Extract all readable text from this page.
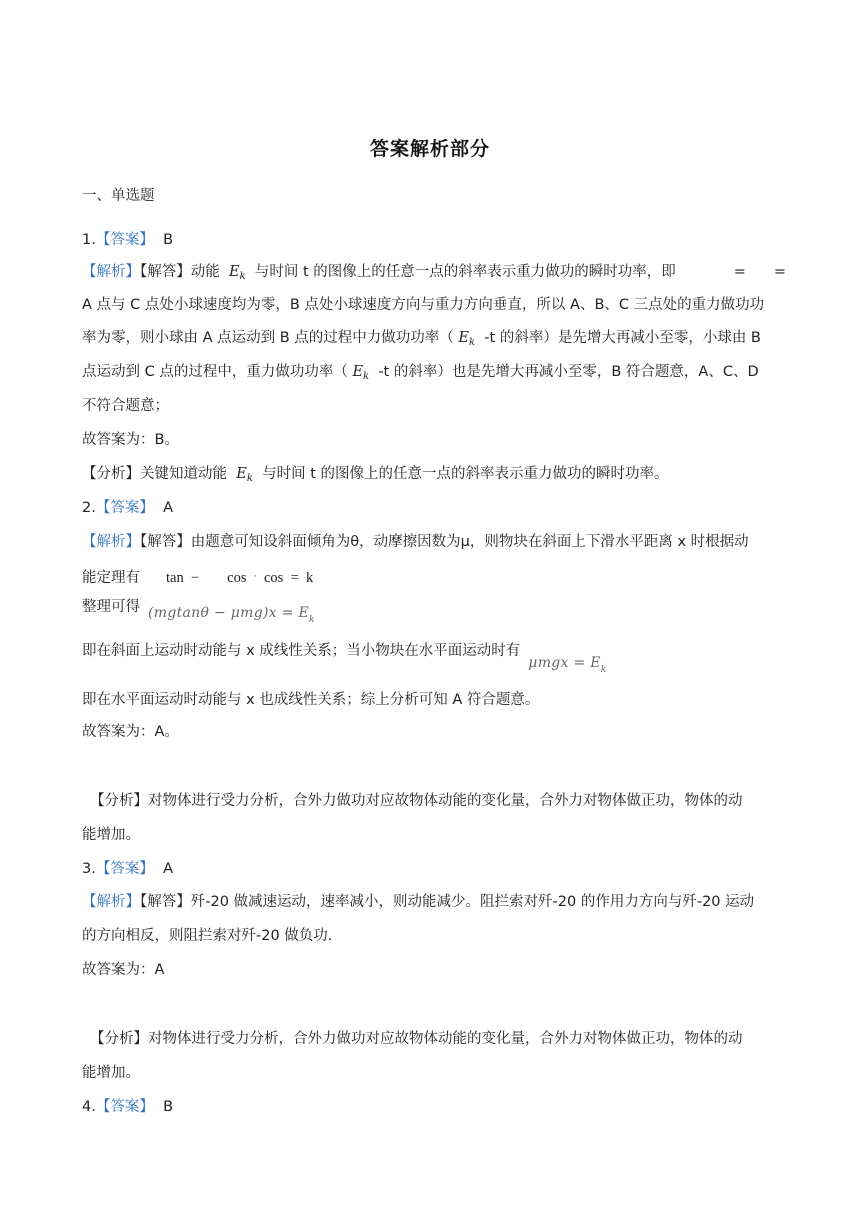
答案解析部分
一、单选题
1.【答案】 B
【解析】【解答】动能 $E_k$ 与时间 t 的图像上的任意一点的斜率表示重力做功的瞬时功率，即	= =
A 点与 C 点处小球速度均为零，B 点处小球速度方向与重力方向垂直，所以 A、B、C 三点处的重力做功功
率为零，则小球由 A 点运动到 B 点的过程中力做功功率（ $E_k$ -t 的斜率）是先增大再减小至零，小球由 B
点运动到 C 点的过程中，重力做功功率（ $E_k$ -t 的斜率）也是先增大再减小至零，B 符合题意，A、C、D
不符合题意；
故答案为：B。
【分析】关键知道动能 $E_k$ 与时间 t 的图像上的任意一点的斜率表示重力做功的瞬时功率。
2.【答案】 A
【解析】【解答】由题意可知设斜面倾角为θ，动摩擦因数为μ，则物块在斜面上下滑水平距离 x 时根据动
能定理有 tan − cos · cos = k
整理可得 $(mgtan\theta - \mu mg)x = E_k$
即在斜面上运动时动能与 x 成线性关系；当小物块在水平面运动时有$\mu mgx = E_k$
即在水平面运动时动能与 x 也成线性关系；综上分析可知 A 符合题意。
故答案为：A。
【分析】对物体进行受力分析，合外力做功对应故物体动能的变化量，合外力对物体做正功，物体的动
能增加。
3.【答案】 A
【解析】【解答】歼-20 做减速运动，速率减小，则动能减少。阻拦索对歼-20 的作用力方向与歼-20 运动
的方向相反，则阻拦索对歼-20 做负功.
故答案为：A
【分析】对物体进行受力分析，合外力做功对应故物体动能的变化量，合外力对物体做正功，物体的动
能增加。
4.【答案】 B
